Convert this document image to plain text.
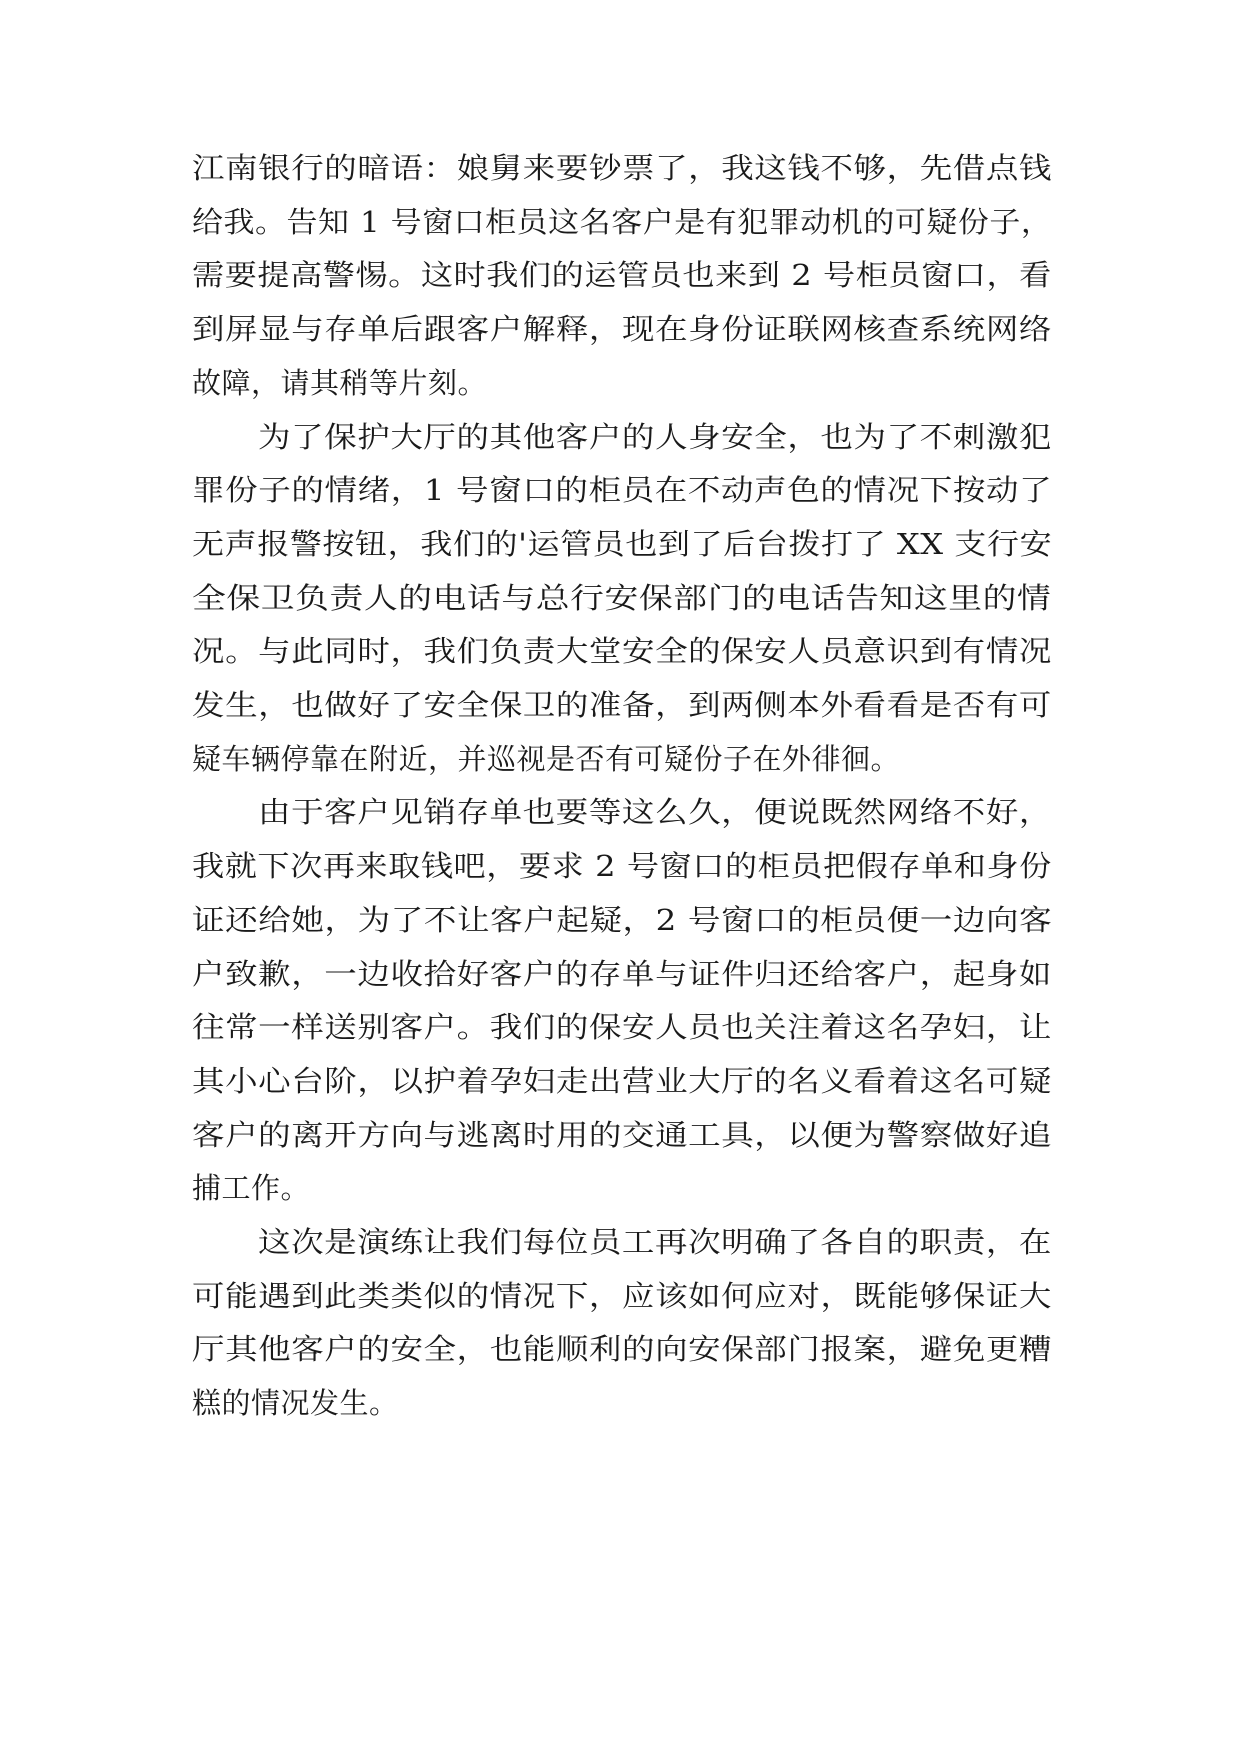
江南银行的暗语：娘舅来要钞票了，我这钱不够，先借点钱
给我。告知 1 号窗口柜员这名客户是有犯罪动机的可疑份子，
需要提高警惕。这时我们的运管员也来到 2 号柜员窗口，看
到屏显与存单后跟客户解释，现在身份证联网核查系统网络
故障，请其稍等片刻。
为了保护大厅的其他客户的人身安全，也为了不刺激犯
罪份子的情绪，1 号窗口的柜员在不动声色的情况下按动了
无声报警按钮，我们的'运管员也到了后台拨打了 XX 支行安
全保卫负责人的电话与总行安保部门的电话告知这里的情
况。与此同时，我们负责大堂安全的保安人员意识到有情况
发生，也做好了安全保卫的准备，到两侧本外看看是否有可
疑车辆停靠在附近，并巡视是否有可疑份子在外徘徊。
由于客户见销存单也要等这么久，便说既然网络不好，
我就下次再来取钱吧，要求 2 号窗口的柜员把假存单和身份
证还给她，为了不让客户起疑，2 号窗口的柜员便一边向客
户致歉，一边收拾好客户的存单与证件归还给客户，起身如
往常一样送别客户。我们的保安人员也关注着这名孕妇，让
其小心台阶，以护着孕妇走出营业大厅的名义看着这名可疑
客户的离开方向与逃离时用的交通工具，以便为警察做好追
捕工作。
这次是演练让我们每位员工再次明确了各自的职责，在
可能遇到此类类似的情况下，应该如何应对，既能够保证大
厅其他客户的安全，也能顺利的向安保部门报案，避免更糟
糕的情况发生。
